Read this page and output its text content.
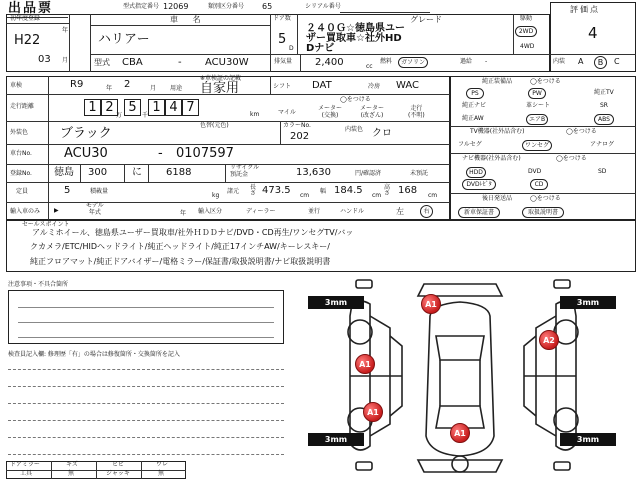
出品票	型式指定番号 12069	類別区分番号 65	シリアル番号
初年度登録
H22
年
03 月
車 名
ハリアー
型式 CBA	- ACU30W
ドア数
5
D
グレード
２４０Ｇ☆徳島県ユー
ザー買取車☆社外HD
Dナビ
駆動
2WD
4WD
排気量 2,400	cc
燃料	ガソリン	過給 -
評価点
4
内装 A	B	C
車検	R9	年 2	月
※車検証の記載
用途 自家用	シフト DAT	冷房 WAC
走行距離	1 2
万
5
千
1 4 7	km
◯をつける
マイル
メーター
(交換)
メーター
(改ざん)
走行
(不明)
外装色 ブラック
色替(元色)	カラーNo.
202
内装色 クロ
車台No. ACU30	- 0107597
登録No. 徳島 300 に 6188	リサイクル
預託金	13,630	円/確認済	未預託
定員	5	積載量
kg
諸元
長さ 473.5 cm
幅 184.5 cm
高さ 168 cm
輸入車のみ ▶
モデル
年式	年 輸入区分	ディーラー	並行	ハンドル	左	右
純正装備品	◯をつける
PS	PW	純正TV
純正ナビ	革シート	SR
純正AW	エアB	ABS
TV機器(社外品含む)	◯をつける
フルセグ	ワンセグ	アナログ
ナビ機器(社外品含む)	◯をつける
HDD	DVD	SD
DVDﾚﾋﾞﾀ	CD
後日発送品	◯をつける
新車保証書	取扱説明書
セールスポイント
アルミホイール、徳島県ユーザー買取車/社外ＨＤＤナビ/DVD・CD再生/ワンセグTV/バッ
クカメラ/ETC/HIDヘッドライト/純正ヘッドライト/純正17インチAW/キーレスキー/
純正フロアマット/純正ドアバイザー/電格ミラー/保証書/取扱説明書/ナビ取扱説明書
注意事項・不具合箇所
検査員記入欄: 修理歴「有」の場合は修復箇所・交換箇所を記入
ドアミラー	キズ	ヒビ	ワレ
工具	無	ジャッキ	無
3mm	3mm
3mm	3mm
A1
A2
A1
A1
A1
